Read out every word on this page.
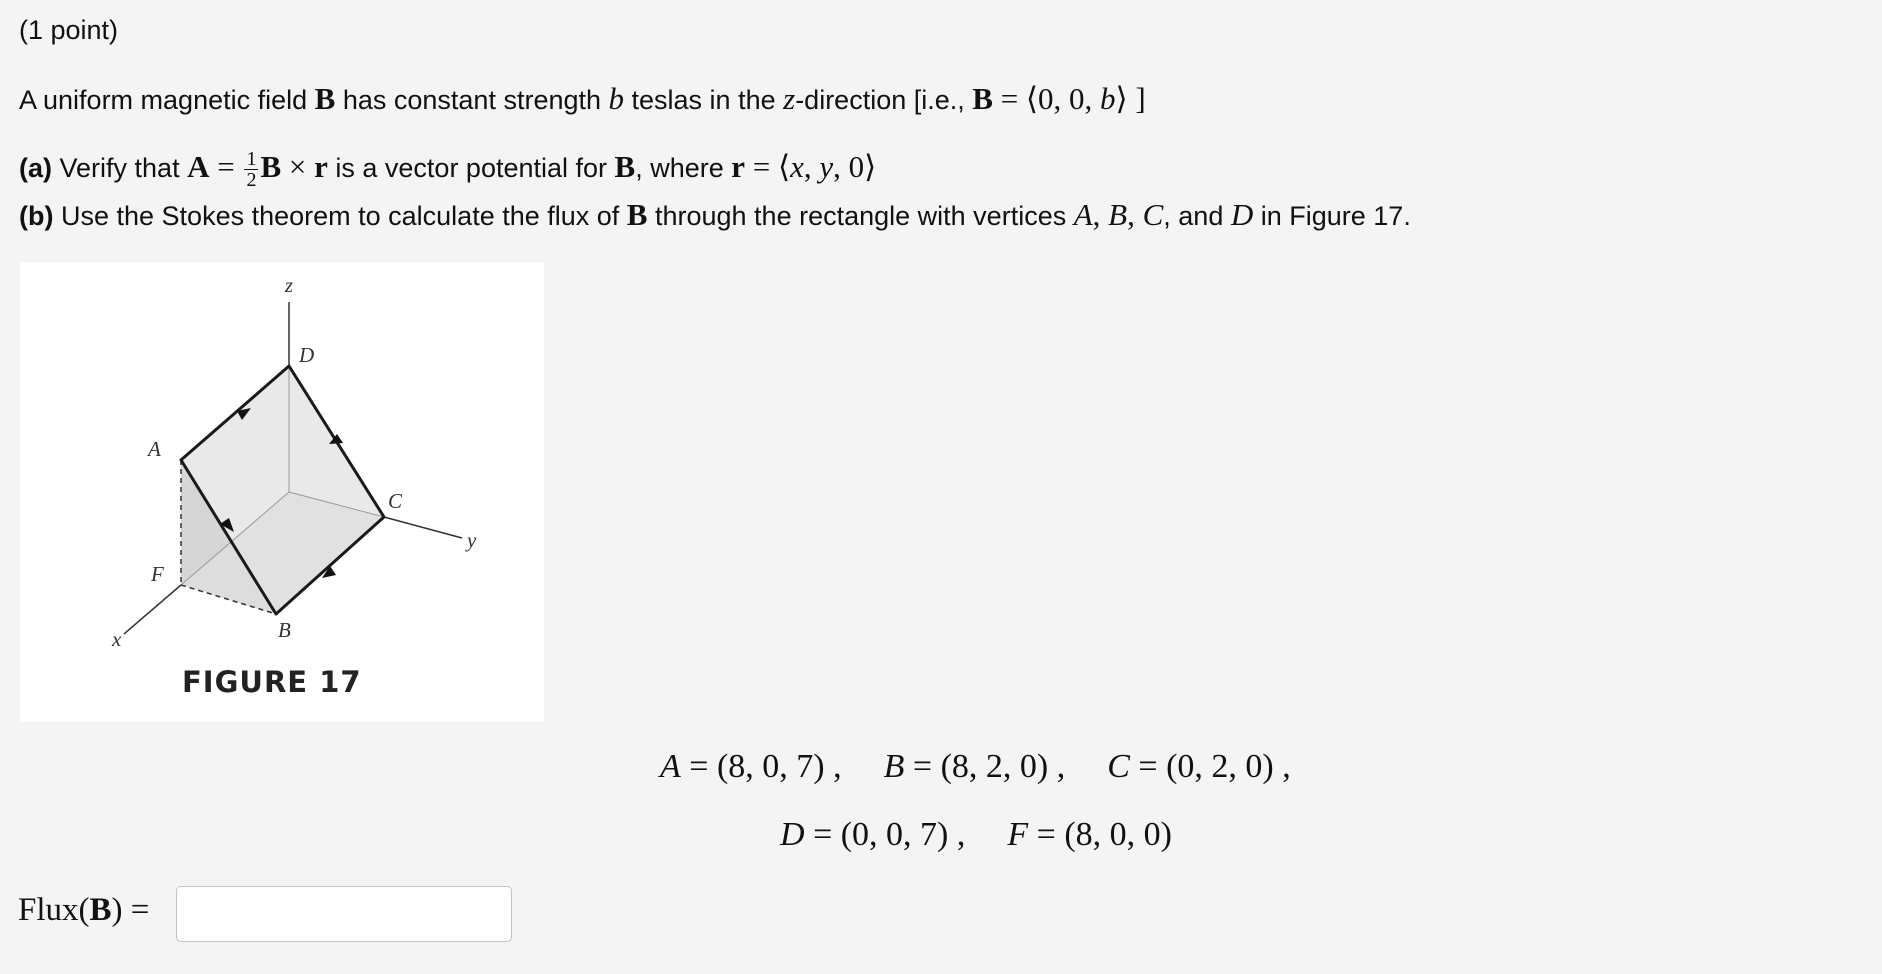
(1 point)
A uniform magnetic field B has constant strength b teslas in the z-direction [i.e., B = ⟨0, 0, b⟩ ]
(a) Verify that $A = \frac{1}{2}$ B × r is a vector potential for B, where r = ⟨x, y, 0⟩
(b) Use the Stokes theorem to calculate the flux of B through the rectangle with vertices A, B, C, and D in Figure 17.
z
y
x
D
A
C
F
B
FIGURE 17
A = (8, 0, 7) , B = (8, 2, 0) , C = (0, 2, 0) ,
D = (0, 0, 7) , F = (8, 0, 0)
Flux(B) =
